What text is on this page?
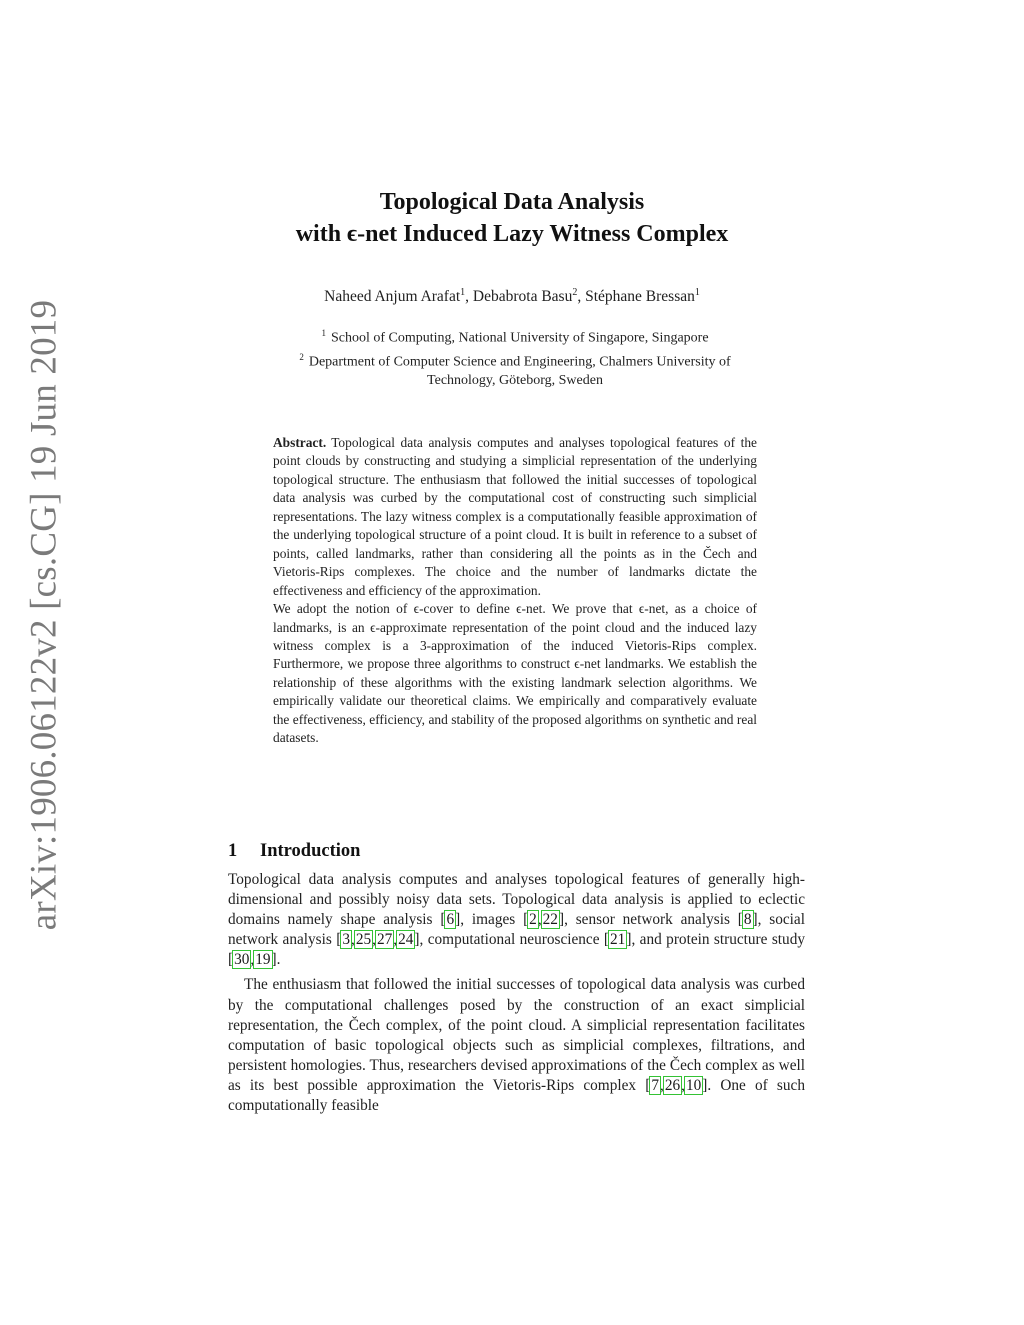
arXiv:1906.06122v2 [cs.CG] 19 Jun 2019
Topological Data Analysis
with ϵ-net Induced Lazy Witness Complex
Naheed Anjum Arafat$^1$, Debabrota Basu$^2$, Stéphane Bressan$^1$
$^1$ School of Computing, National University of Singapore, Singapore
$^2$ Department of Computer Science and Engineering, Chalmers University of
Technology, Göteborg, Sweden

Abstract. Topological data analysis computes and analyses topological features of the point clouds by constructing and studying a simplicial representation of the underlying topological structure. The enthusiasm that followed the initial successes of topological data analysis was curbed by the computational cost of constructing such simplicial representations. The lazy witness complex is a computationally feasible approximation of the underlying topological structure of a point cloud. It is built in reference to a subset of points, called landmarks, rather than considering all the points as in the Čech and Vietoris-Rips complexes. The choice and the number of landmarks dictate the effectiveness and efficiency of the approximation.

We adopt the notion of ϵ-cover to define ϵ-net. We prove that ϵ-net, as a choice of landmarks, is an ϵ-approximate representation of the point cloud and the induced lazy witness complex is a 3-approximation of the induced Vietoris-Rips complex. Furthermore, we propose three algorithms to construct ϵ-net landmarks. We establish the relationship of these algorithms with the existing landmark selection algorithms. We empirically validate our theoretical claims. We empirically and comparatively evaluate the effectiveness, efficiency, and stability of the proposed algorithms on synthetic and real datasets.

1 Introduction

Topological data analysis computes and analyses topological features of generally high-dimensional and possibly noisy data sets. Topological data analysis is applied to eclectic domains namely shape analysis [6], images [2,22], sensor network analysis [8], social network analysis [3,25,27,24], computational neuroscience [21], and protein structure study [30,19].

The enthusiasm that followed the initial successes of topological data analysis was curbed by the computational challenges posed by the construction of an exact simplicial representation, the Čech complex, of the point cloud. A simplicial representation facilitates computation of basic topological objects such as simplicial complexes, filtrations, and persistent homologies. Thus, researchers devised approximations of the Čech complex as well as its best possible approximation the Vietoris-Rips complex [7,26,10]. One of such computationally feasible
